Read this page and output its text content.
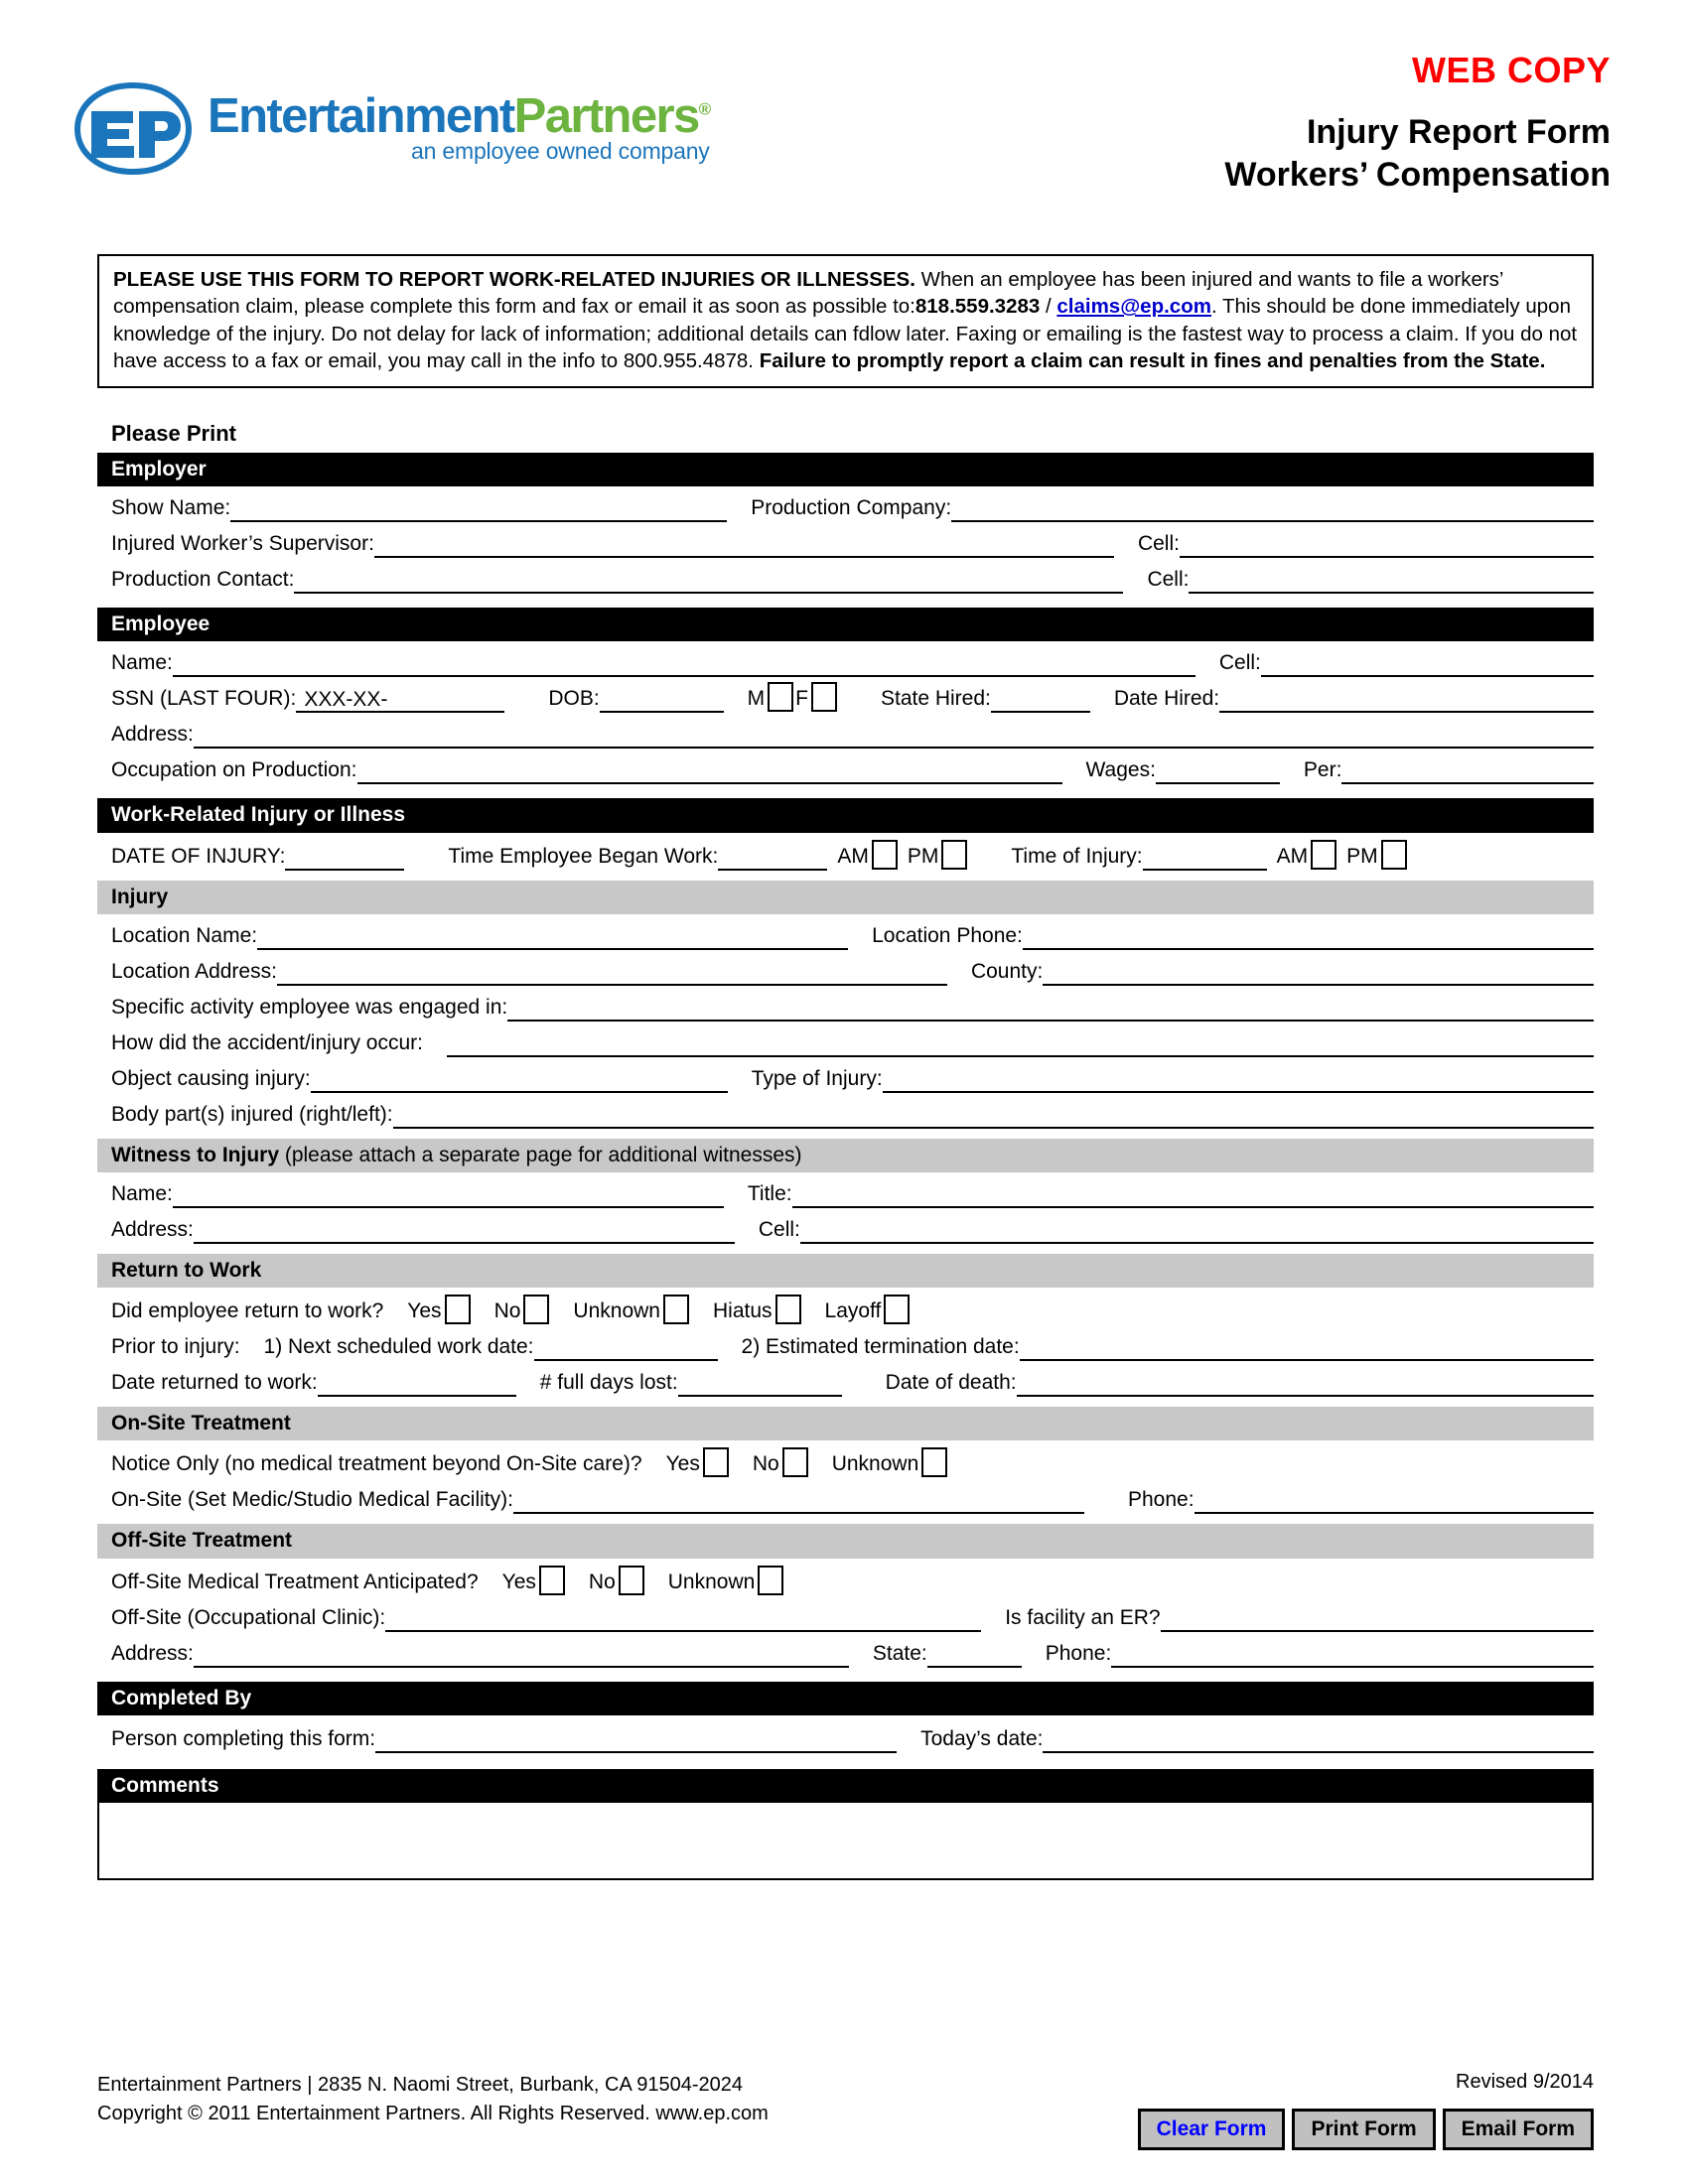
EntertainmentPartners®
an employee owned company
WEB COPY
Injury Report Form
Workers’ Compensation
PLEASE USE THIS FORM TO REPORT WORK-RELATED INJURIES OR ILLNESSES. When an employee has been injured and wants to file a workers’ compensation claim, please complete this form and fax or email it as soon as possible to:818.559.3283 / claims@ep.com. This should be done immediately upon knowledge of the injury. Do not delay for lack of information; additional details can fdlow later. Faxing or emailing is the fastest way to process a claim. If you do not have access to a fax or email, you may call in the info to 800.955.4878. Failure to promptly report a claim can result in fines and penalties from the State.
Please Print
Employer
Show Name:	Production Company:
Injured Worker’s Supervisor:	Cell:
Production Contact:	Cell:
Employee
Name:	Cell:
SSN (LAST FOUR): XXX-XX-	DOB:	M F	State Hired:	Date Hired:
Address:
Occupation on Production:	Wages:	Per:
Work-Related Injury or Illness
DATE OF INJURY:	Time Employee Began Work:	AM PM	Time of Injury:	AM PM
Injury
Location Name:	Location Phone:
Location Address:	County:
Specific activity employee was engaged in:
How did the accident/injury occur:
Object causing injury:	Type of Injury:
Body part(s) injured (right/left):
Witness to Injury (please attach a separate page for additional witnesses)
Name:	Title:
Address:	Cell:
Return to Work
Did employee return to work? Yes	No	Unknown	Hiatus	Layoff
Prior to injury: 1) Next scheduled work date:	2) Estimated termination date:
Date returned to work:	# full days lost:	Date of death:
On-Site Treatment
Notice Only (no medical treatment beyond On-Site care)? Yes	No	Unknown
On-Site (Set Medic/Studio Medical Facility):	Phone:
Off-Site Treatment
Off-Site Medical Treatment Anticipated? Yes	No	Unknown
Off-Site (Occupational Clinic):	Is facility an ER?
Address:	State:	Phone:
Completed By
Person completing this form:	Today’s date:
Comments
Entertainment Partners | 2835 N. Naomi Street, Burbank, CA 91504-2024
Copyright © 2011 Entertainment Partners. All Rights Reserved. www.ep.com
Revised 9/2014
Clear Form	Print Form	Email Form
